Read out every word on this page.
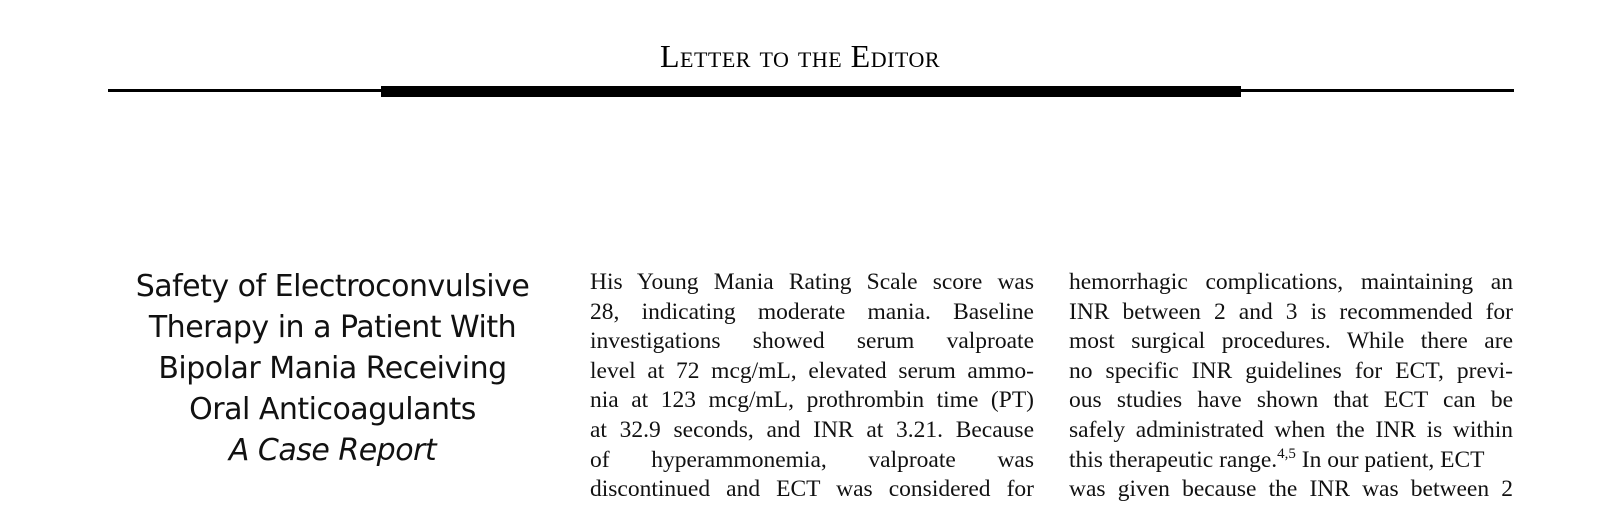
Letter to the Editor
Safety of Electroconvulsive
Therapy in a Patient With
Bipolar Mania Receiving
Oral Anticoagulants
A Case Report
His Young Mania Rating Scale score was
28, indicating moderate mania. Baseline
investigations showed serum valproate
level at 72 mcg/mL, elevated serum ammo-
nia at 123 mcg/mL, prothrombin time (PT)
at 32.9 seconds, and INR at 3.21. Because
of hyperammonemia, valproate was
discontinued and ECT was considered for
hemorrhagic complications, maintaining an
INR between 2 and 3 is recommended for
most surgical procedures. While there are
no specific INR guidelines for ECT, previ-
ous studies have shown that ECT can be
safely administrated when the INR is within
this therapeutic range.$^{4,5}$ In our patient, ECT
was given because the INR was between 2
